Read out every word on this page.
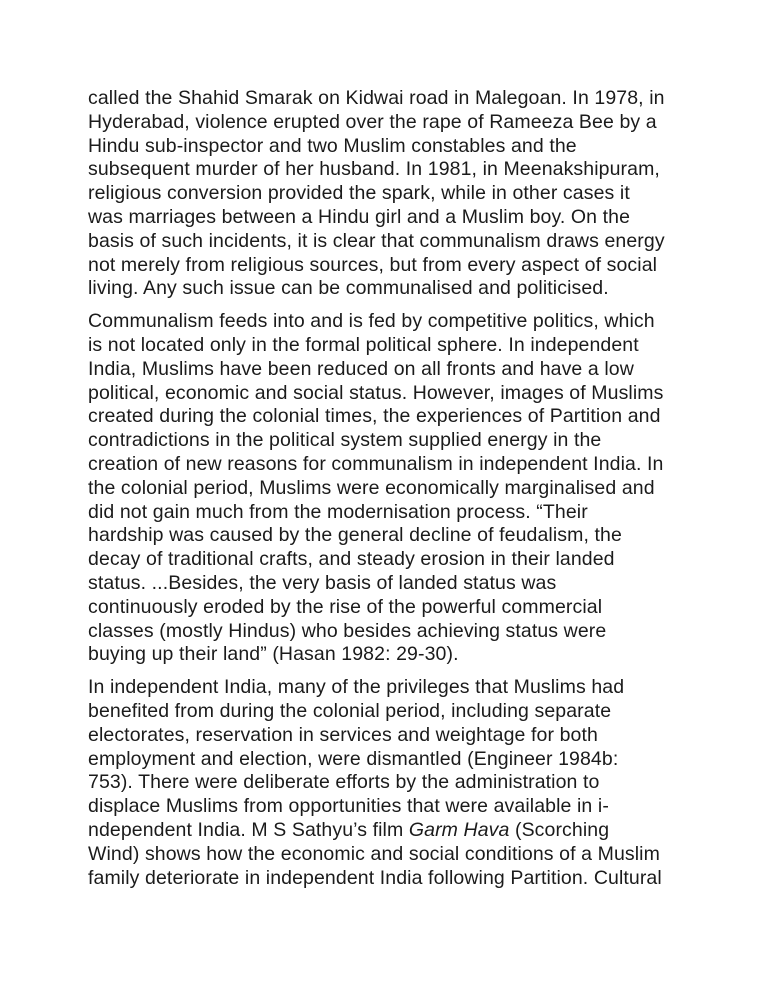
called the Shahid Smarak on Kidwai road in Malegoan. In 1978, in
Hyderabad, violence erupted over the rape of Rameeza Bee by a
Hindu sub-inspector and two Muslim constables and the
subsequent murder of her husband. In 1981, in Meenakshipuram,
religious conversion provided the spark, while in other cases it
was marriages between a Hindu girl and a Muslim boy. On the
basis of such incidents, it is clear that communalism draws energy
not merely from religious sources, but from every aspect of social
living. Any such issue can be communalised and politicised.

Communalism feeds into and is fed by competitive politics, which
is not located only in the formal political sphere. In independent
India, Muslims have been reduced on all fronts and have a low
political, economic and social status. However, images of Muslims
created during the colonial times, the experiences of Partition and
contradictions in the political system supplied energy in the
creation of new reasons for communalism in independent India. In
the colonial period, Muslims were economically marginalised and
did not gain much from the modernisation process. “Their
hardship was caused by the general decline of feudalism, the
decay of traditional crafts, and steady erosion in their landed
status. ...Besides, the very basis of landed status was
continuously eroded by the rise of the powerful commercial
classes (mostly Hindus) who besides achieving status were
buying up their land” (Hasan 1982: 29-30).

In independent India, many of the privileges that Muslims had
benefited from during the colonial period, including separate
electorates, reservation in services and weightage for both
employment and election, were dismantled (Engineer 1984b:
753). There were deliberate efforts by the administration to
displace Muslims from opportunities that were available in i-
ndependent India. M S Sathyu’s film Garm Hava (Scorching
Wind) shows how the economic and social conditions of a Muslim
family deteriorate in independent India following Partition. Cultural
